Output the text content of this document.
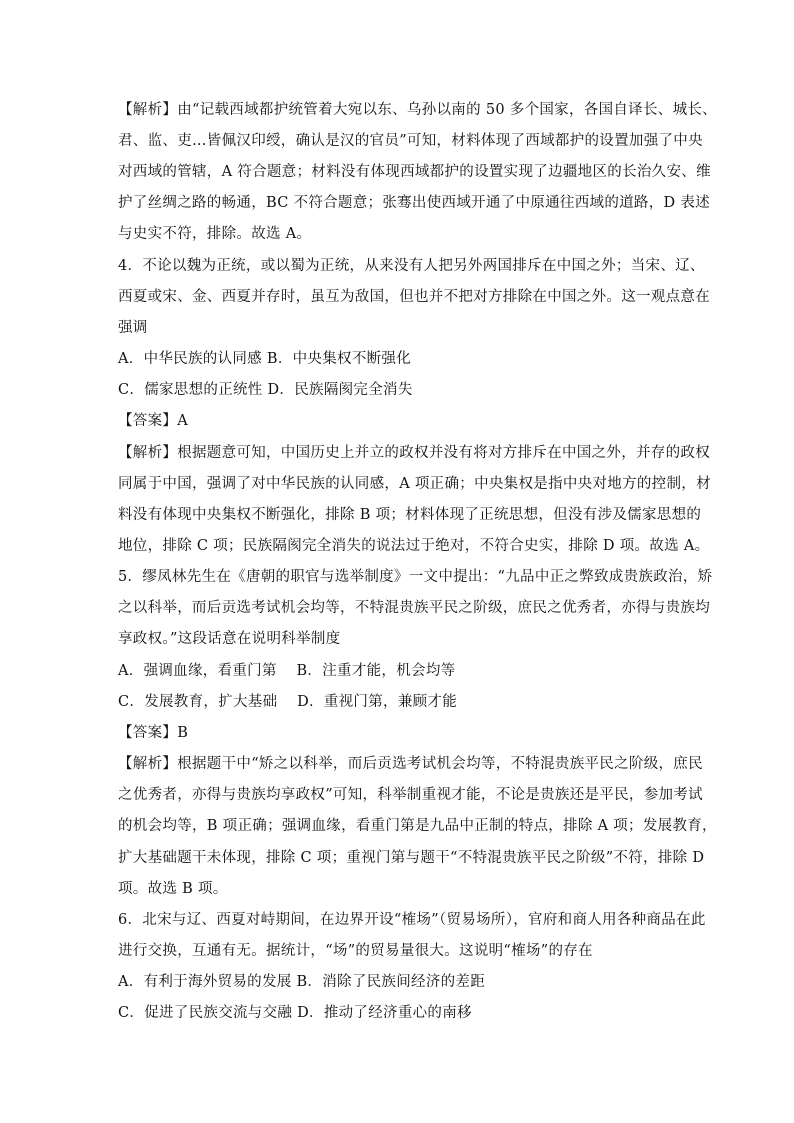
【解析】由“记载西域都护统管着大宛以东、乌孙以南的 50 多个国家，各国自译长、城长、
君、监、吏…皆佩汉印绶，确认是汉的官员”可知，材料体现了西域都护的设置加强了中央
对西域的管辖，A 符合题意；材料没有体现西域都护的设置实现了边疆地区的长治久安、维
护了丝绸之路的畅通，BC 不符合题意；张骞出使西域开通了中原通往西域的道路，D 表述
与史实不符，排除。故选 A。
4．不论以魏为正统，或以蜀为正统，从来没有人把另外两国排斥在中国之外；当宋、辽、
西夏或宋、金、西夏并存时，虽互为敌国，但也并不把对方排除在中国之外。这一观点意在
强调
A．中华民族的认同感 B．中央集权不断强化
C．儒家思想的正统性 D．民族隔阂完全消失
【答案】A
【解析】根据题意可知，中国历史上并立的政权并没有将对方排斥在中国之外，并存的政权
同属于中国，强调了对中华民族的认同感，A 项正确；中央集权是指中央对地方的控制，材
料没有体现中央集权不断强化，排除 B 项；材料体现了正统思想，但没有涉及儒家思想的
地位，排除 C 项；民族隔阂完全消失的说法过于绝对，不符合史实，排除 D 项。故选 A。
5．缪凤林先生在《唐朝的职官与选举制度》一文中提出：“九品中正之弊致成贵族政治，矫
之以科举，而后贡选考试机会均等，不特混贵族平民之阶级，庶民之优秀者，亦得与贵族均
享政权。”这段话意在说明科举制度
A．强调血缘，看重门第　 B．注重才能，机会均等
C．发展教育，扩大基础　 D．重视门第，兼顾才能
【答案】B
【解析】根据题干中“矫之以科举，而后贡选考试机会均等，不特混贵族平民之阶级，庶民
之优秀者，亦得与贵族均享政权”可知，科举制重视才能，不论是贵族还是平民，参加考试
的机会均等，B 项正确；强调血缘，看重门第是九品中正制的特点，排除 A 项；发展教育，
扩大基础题干未体现，排除 C 项；重视门第与题干“不特混贵族平民之阶级”不符，排除 D
项。故选 B 项。
6．北宋与辽、西夏对峙期间，在边界开设“榷场”（贸易场所），官府和商人用各种商品在此
进行交换，互通有无。据统计，“场”的贸易量很大。这说明“榷场”的存在
A．有利于海外贸易的发展 B．消除了民族间经济的差距
C．促进了民族交流与交融 D．推动了经济重心的南移
